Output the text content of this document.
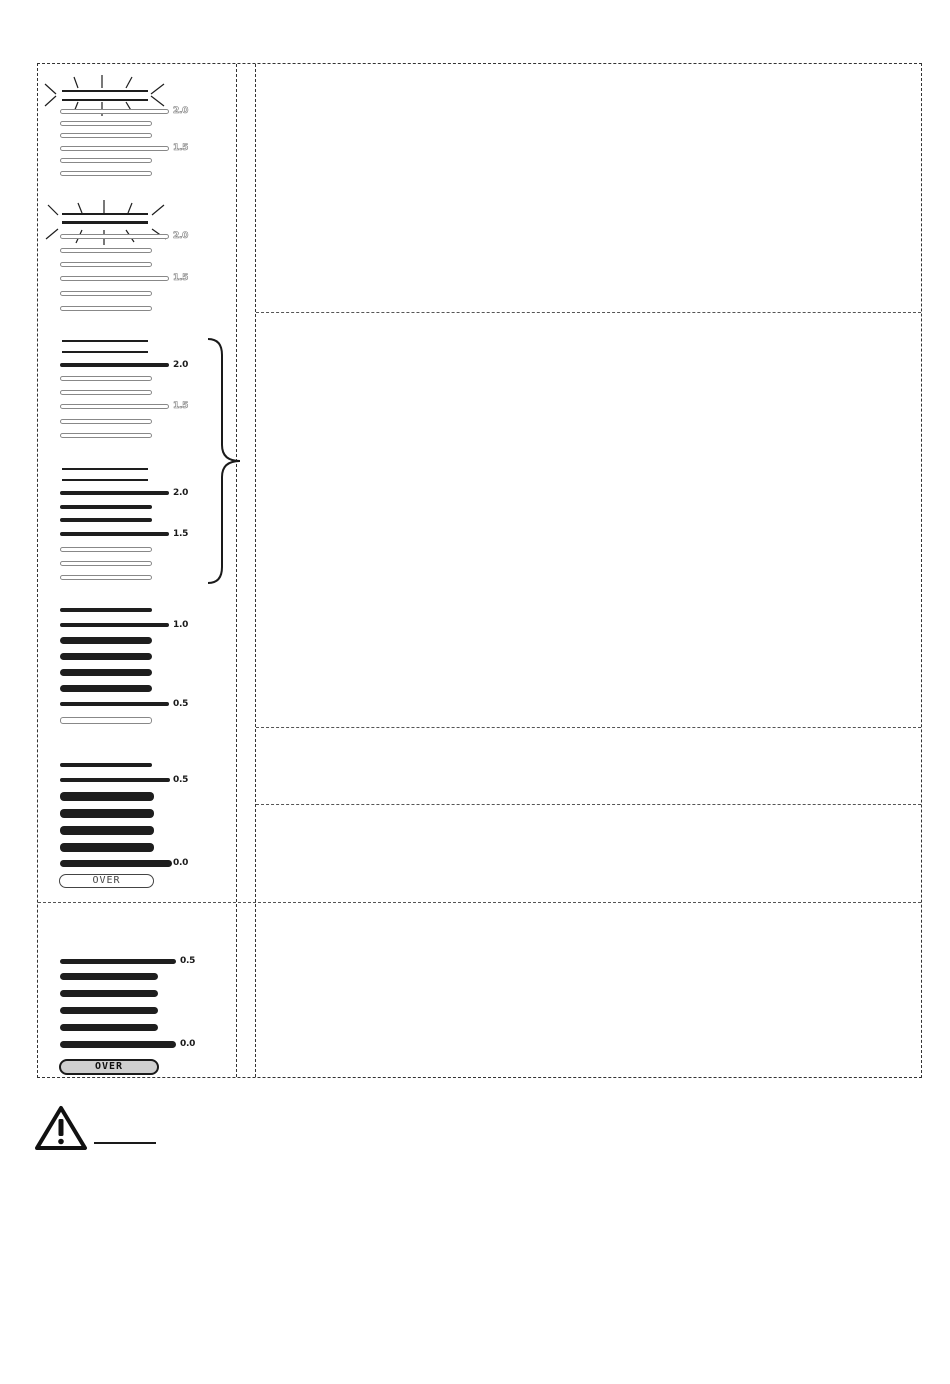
2.0
1.5
2.0
1.5
2.0
1.5
2.0
1.5
1.0
0.5
0.5
0.0
OVER
0.5
0.0
OVER
